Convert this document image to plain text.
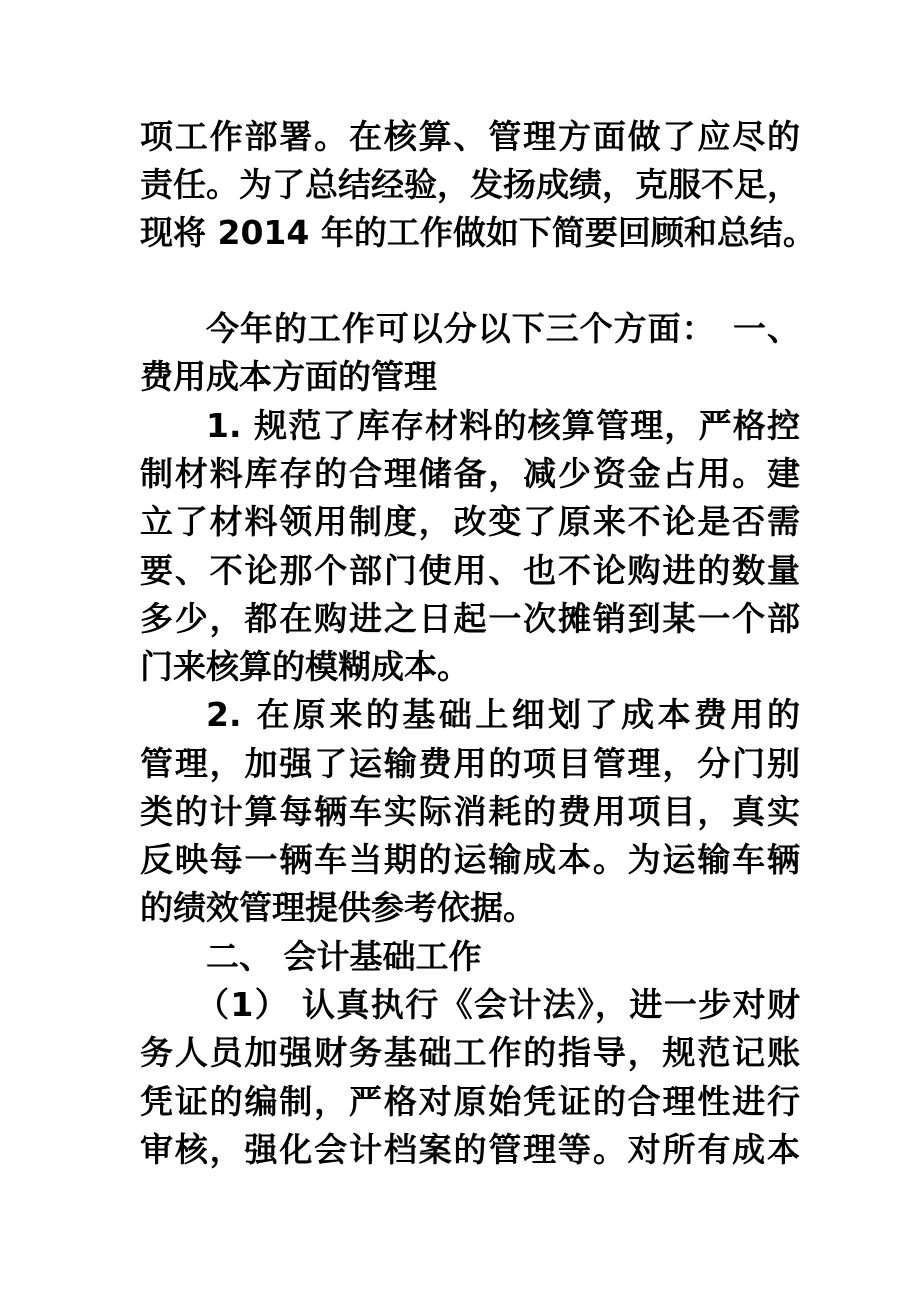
项工作部署。在核算、管理方面做了应尽的
责任。为了总结经验，发扬成绩，克服不足，
现将 2014 年的工作做如下简要回顾和总结。
今年的工作可以分以下三个方面：　一、
费用成本方面的管理
1. 规范了库存材料的核算管理，严格控
制材料库存的合理储备，减少资金占用。建
立了材料领用制度，改变了原来不论是否需
要、不论那个部门使用、也不论购进的数量
多少，都在购进之日起一次摊销到某一个部
门来核算的模糊成本。
2. 在原来的基础上细划了成本费用的
管理，加强了运输费用的项目管理，分门别
类的计算每辆车实际消耗的费用项目，真实
反映每一辆车当期的运输成本。为运输车辆
的绩效管理提供参考依据。
二、 会计基础工作
（1） 认真执行《会计法》，进一步对财
务人员加强财务基础工作的指导，规范记账
凭证的编制，严格对原始凭证的合理性进行
审核，强化会计档案的管理等。对所有成本
